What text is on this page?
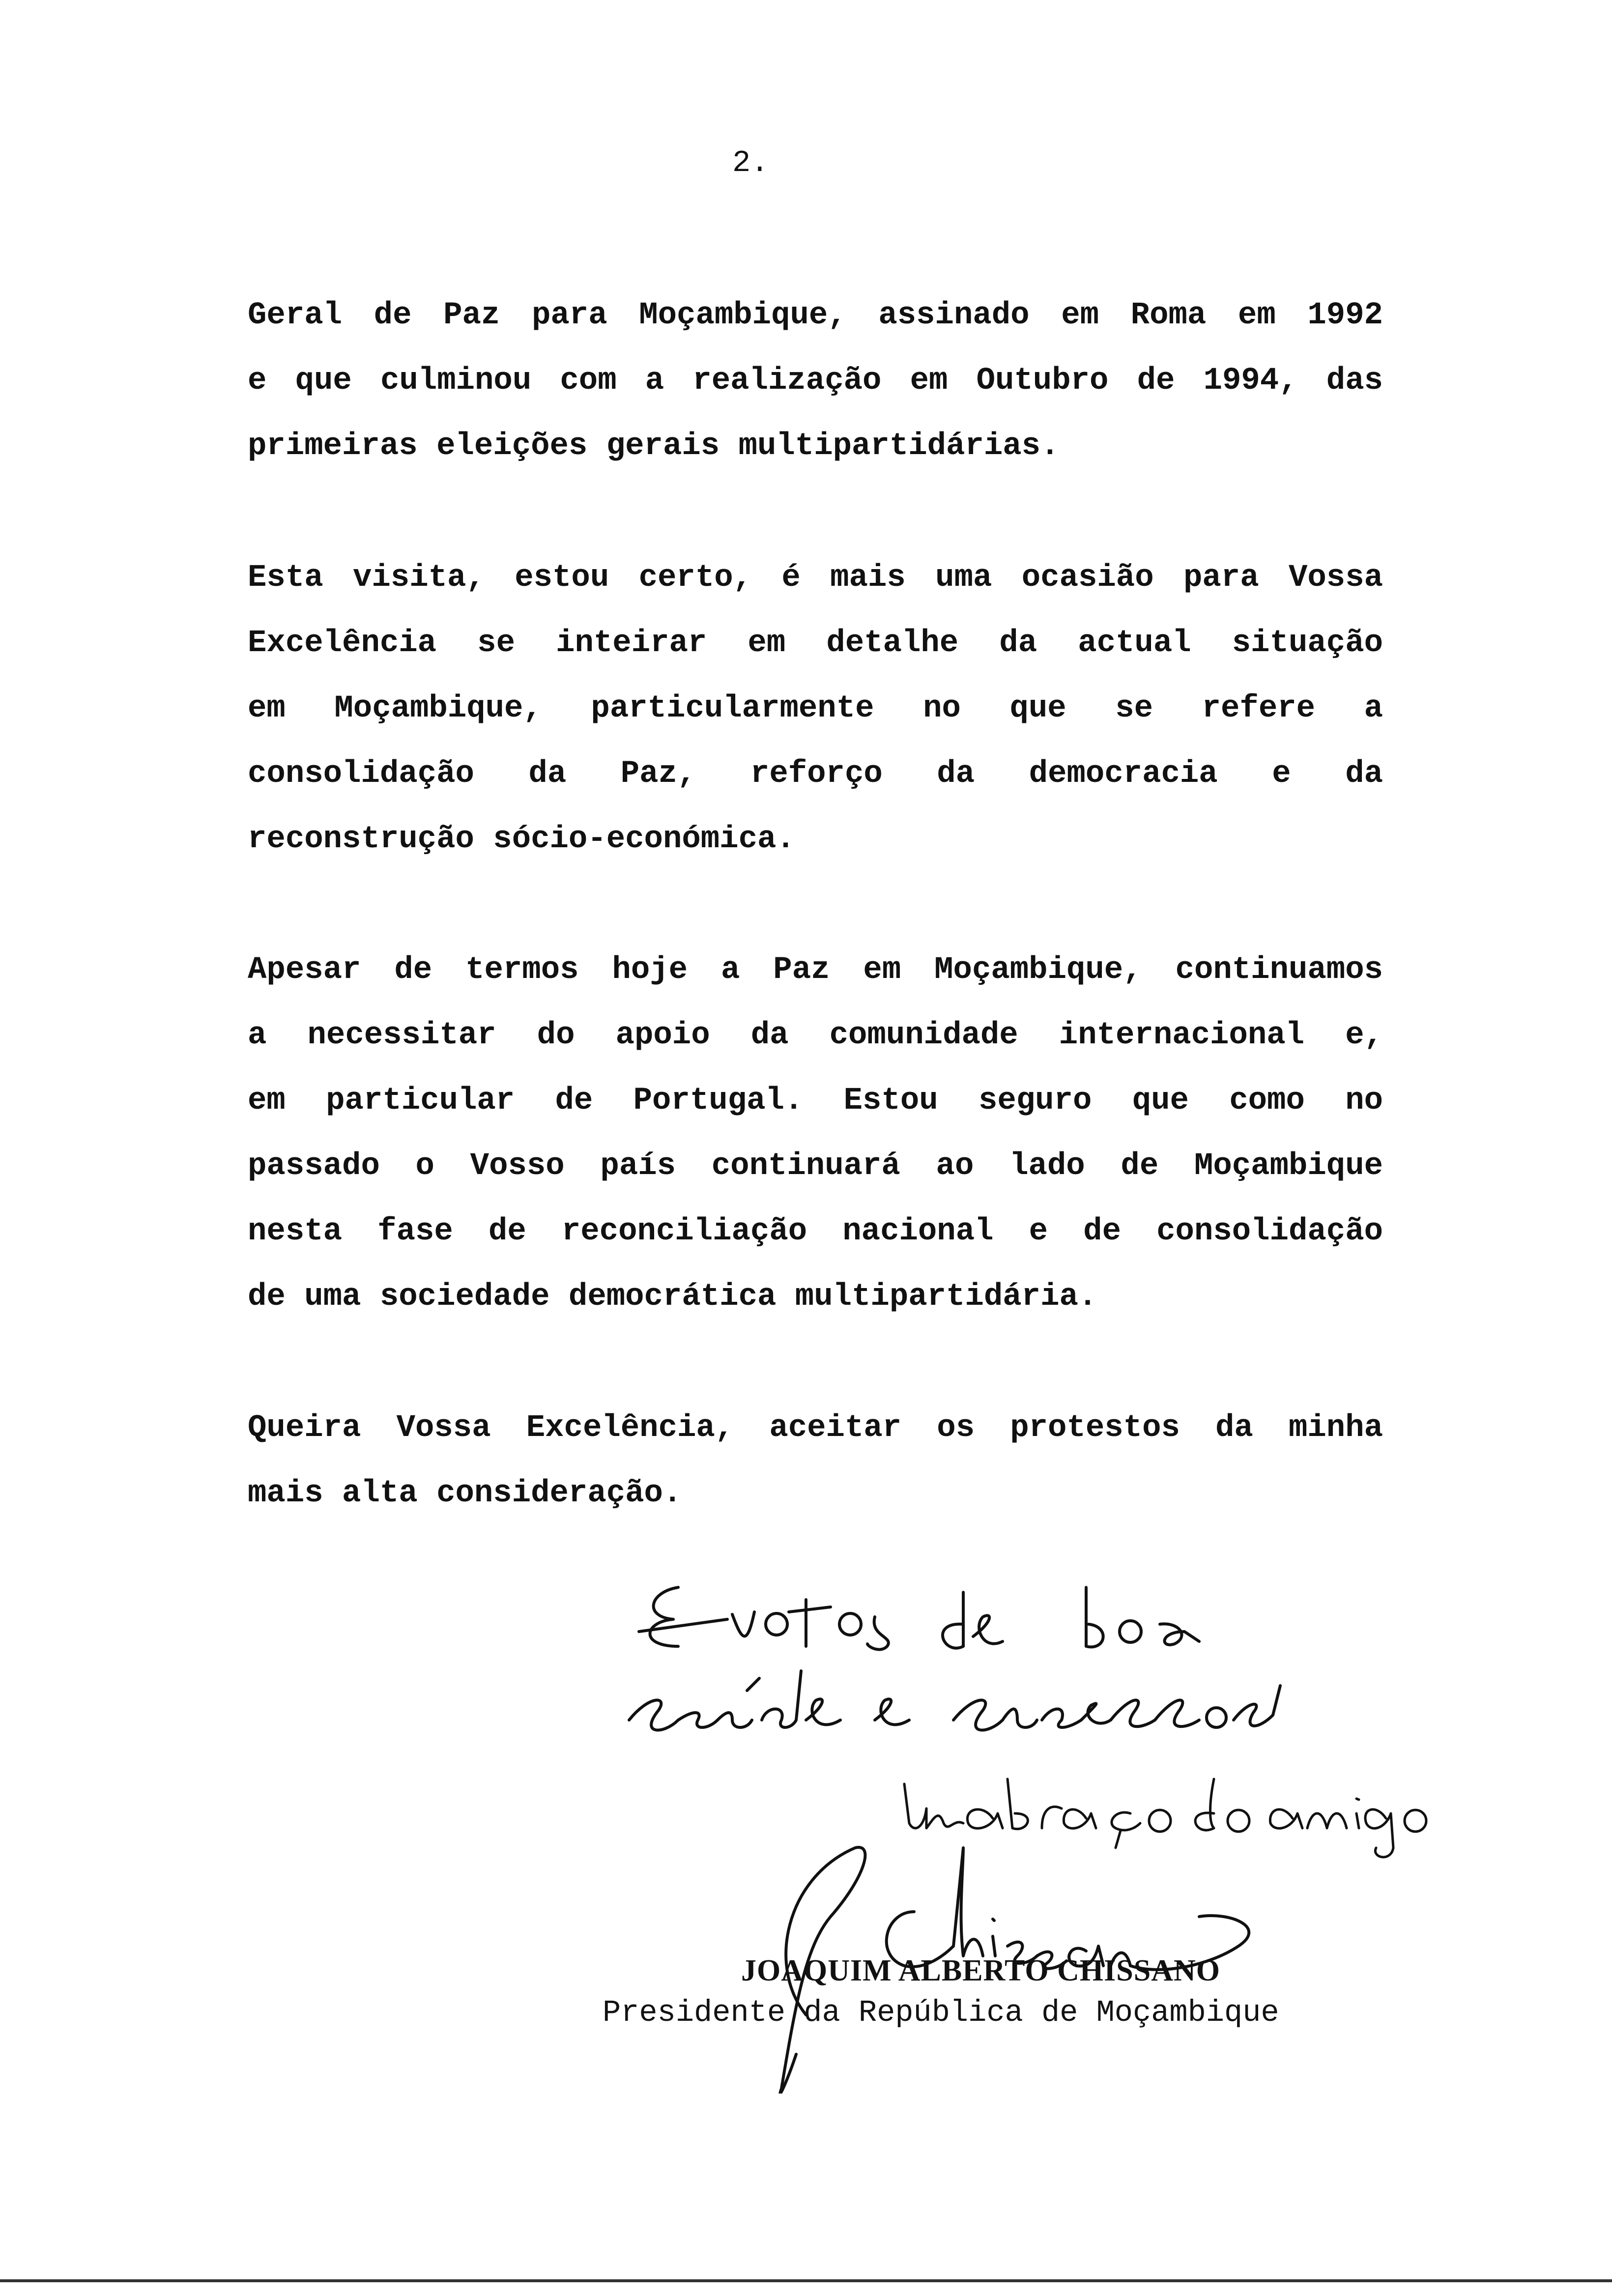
2.
Geral de Paz para Moçambique, assinado em Roma em 1992
e que culminou com a realização em Outubro de 1994, das
primeiras eleições gerais multipartidárias.
Esta visita, estou certo, é mais uma ocasião para Vossa
Excelência se inteirar em detalhe da actual situação
em Moçambique, particularmente no que se refere a
consolidação da Paz, reforço da democracia e da
reconstrução sócio-económica.
Apesar de termos hoje a Paz em Moçambique, continuamos
a necessitar do apoio da comunidade internacional e,
em particular de Portugal. Estou seguro que como no
passado o Vosso país continuará ao lado de Moçambique
nesta fase de reconciliação nacional e de consolidação
de uma sociedade democrática multipartidária.
Queira Vossa Excelência, aceitar os protestos da minha
mais alta consideração.
JOAQUIM ALBERTO CHISSANO
Presidente da República de Moçambique
